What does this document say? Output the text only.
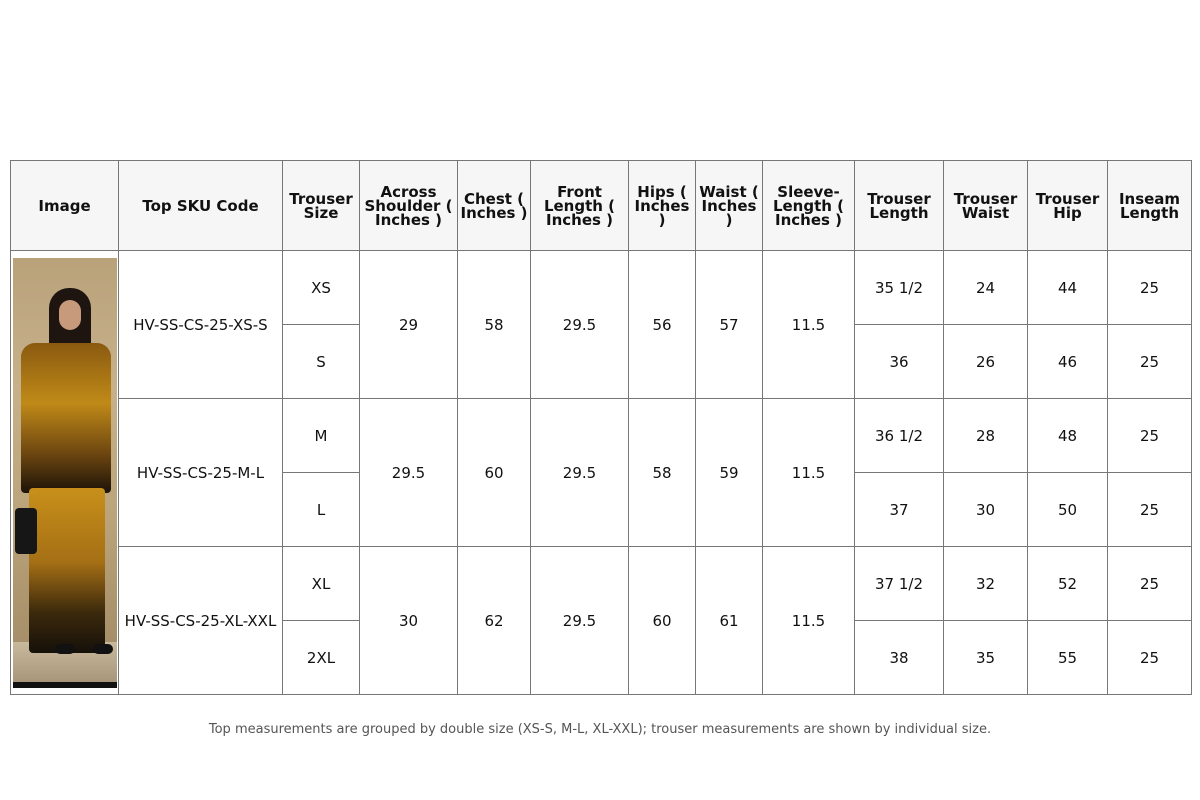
Image	Top SKU Code	Trouser Size	Across Shoulder ( Inches )	Chest ( Inches )	Front Length ( Inches )	Hips ( Inches )	Waist ( Inches )	Sleeve-Length ( Inches )	Trouser Length	Trouser Waist	Trouser Hip	Inseam Length

	HV-SS-CS-25-XS-S	XS	29	58	29.5	56	57	11.5	35 1/2	24	44	25
		S							36	26	46	25
	HV-SS-CS-25-M-L	M	29.5	60	29.5	58	59	11.5	36 1/2	28	48	25
		L							37	30	50	25
	HV-SS-CS-25-XL-XXL	XL	30	62	29.5	60	61	11.5	37 1/2	32	52	25
		2XL							38	35	55	25
Top measurements are grouped by double size (XS-S, M-L, XL-XXL); trouser measurements are shown by individual size.
